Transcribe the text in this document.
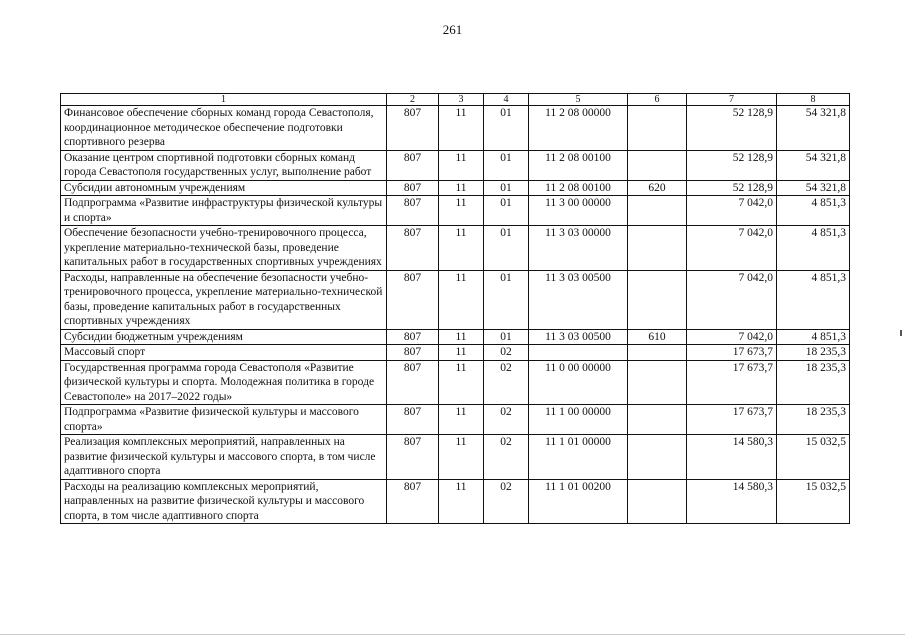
261
1	2	3	4	5	6	7	8
Финансовое обеспечение сборных команд города Севастополя, координационное методическое обеспечение подготовки спортивного резерва	807	11	01	11 2 08 00000		52 128,9	54 321,8
Оказание центром спортивной подготовки сборных команд города Севастополя государственных услуг, выполнение работ	807	11	01	11 2 08 00100		52 128,9	54 321,8
Субсидии автономным учреждениям	807	11	01	11 2 08 00100	620	52 128,9	54 321,8
Подпрограмма «Развитие инфраструктуры физической культуры и спорта»	807	11	01	11 3 00 00000		7 042,0	4 851,3
Обеспечение безопасности учебно-тренировочного процесса, укрепление материально-технической базы, проведение капитальных работ в государственных спортивных учреждениях	807	11	01	11 3 03 00000		7 042,0	4 851,3
Расходы, направленные на обеспечение безопасности учебно-тренировочного процесса, укрепление материально-технической базы, проведение капитальных работ в государственных спортивных учреждениях	807	11	01	11 3 03 00500		7 042,0	4 851,3
Субсидии бюджетным учреждениям	807	11	01	11 3 03 00500	610	7 042,0	4 851,3
Массовый спорт	807	11	02			17 673,7	18 235,3
Государственная программа города Севастополя «Развитие физической культуры и спорта. Молодежная политика в городе Севастополе» на 2017–2022 годы»	807	11	02	11 0 00 00000		17 673,7	18 235,3
Подпрограмма «Развитие физической культуры и массового спорта»	807	11	02	11 1 00 00000		17 673,7	18 235,3
Реализация комплексных мероприятий, направленных на развитие физической культуры и массового спорта, в том числе адаптивного спорта	807	11	02	11 1 01 00000		14 580,3	15 032,5
Расходы на реализацию комплексных мероприятий, направленных на развитие физической культуры и массового спорта, в том числе адаптивного спорта	807	11	02	11 1 01 00200		14 580,3	15 032,5
